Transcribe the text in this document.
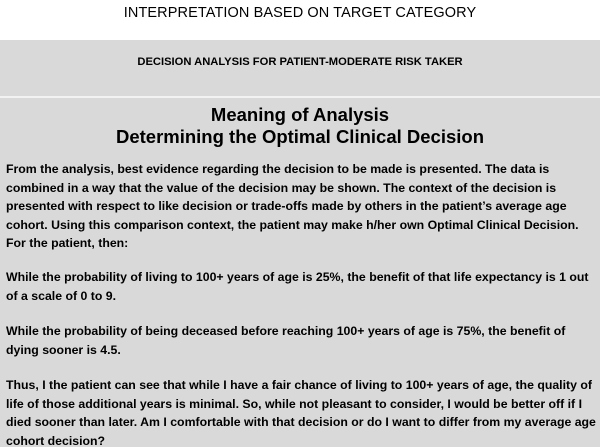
INTERPRETATION BASED ON TARGET CATEGORY
DECISION ANALYSIS FOR PATIENT-MODERATE RISK TAKER
Meaning of Analysis
Determining the Optimal Clinical Decision

From the analysis, best evidence regarding the decision to be made is presented. The data is combined in a way that the value of the decision may be shown. The context of the decision is presented with respect to like decision or trade-offs made by others in the patient’s average age cohort. Using this comparison context, the patient may make h/her own Optimal Clinical Decision. For the patient, then:

While the probability of living to 100+ years of age is 25%, the benefit of that life expectancy is 1 out of a scale of 0 to 9.

While the probability of being deceased before reaching 100+ years of age is 75%, the benefit of dying sooner is 4.5.

Thus, I the patient can see that while I have a fair chance of living to 100+ years of age, the quality of life of those additional years is minimal. So, while not pleasant to consider, I would be better off if I died sooner than later. Am I comfortable with that decision or do I want to differ from my average age cohort decision?
